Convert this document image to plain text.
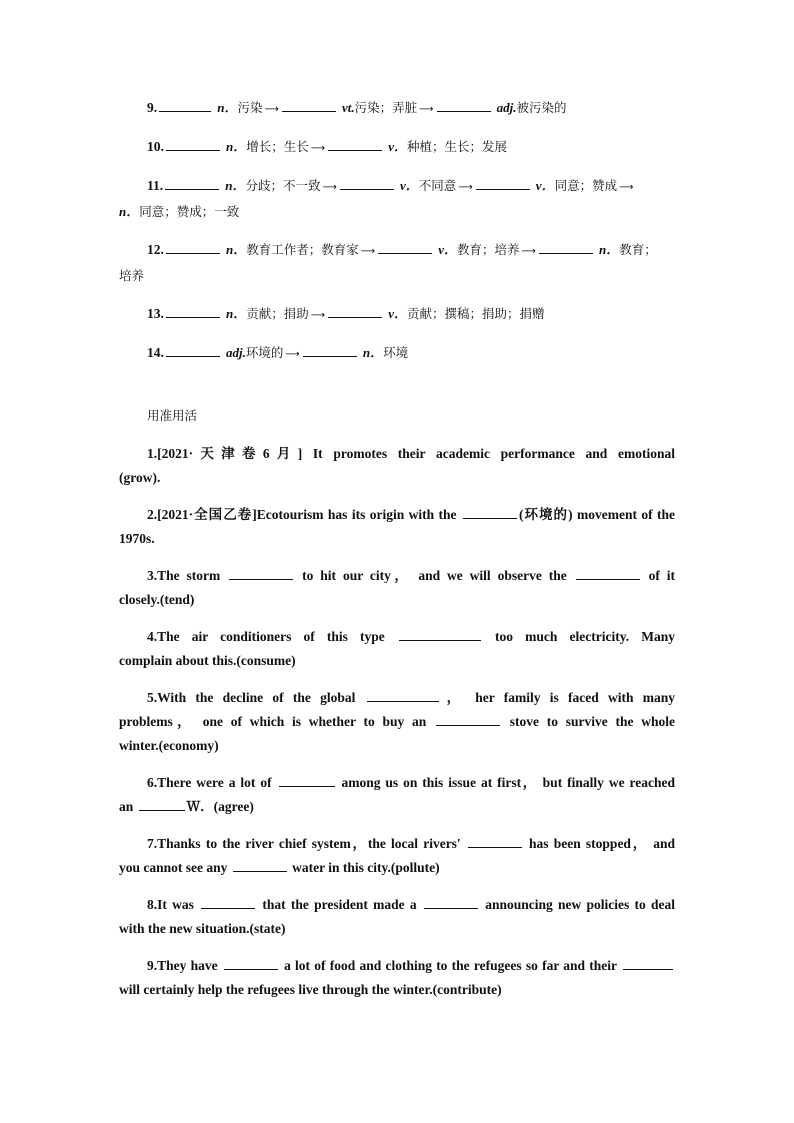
9.	n．污染 ⟶	vt.污染；弄脏 ⟶	adj.被污染的
10.	n．增长；生长 ⟶	v．种植；生长；发展
11.	n．分歧；不一致 ⟶	v．不同意 ⟶	v．同意；赞成 ⟶
n．同意；赞成；一致
12.	n．教育工作者；教育家 ⟶	v．教育；培养 ⟶	n．教育；
培养
13.	n．贡献；捐助 ⟶	v．贡献；撰稿；捐助；捐赠
14.	adj.环境的 ⟶	n．环境
用准用活
1.[2021·天津卷6月] It promotes their academic performance and emotional
(grow).
2.[2021·全国乙卷]Ecotourism has its origin with the	(环境的) movement of the
1970s.
3.The storm	to hit our city， and we will observe the	of it
closely.(tend)
4.The air conditioners of this type	too much electricity. Many
complain about this.(consume)
5.With the decline of the global	， her family is faced with many
problems， one of which is whether to buy an	stove to survive the whole
winter.(economy)
6.There were a lot of	among us on this issue at first， but finally we reached
an	Ｗ．(agree)
7.Thanks to the river chief system，the local rivers'	has been stopped， and
you cannot see any	water in this city.(pollute)
8.It was	that the president made a	announcing new policies to deal
with the new situation.(state)
9.They have	a lot of food and clothing to the refugees so far and their
will certainly help the refugees live through the winter.(contribute)
